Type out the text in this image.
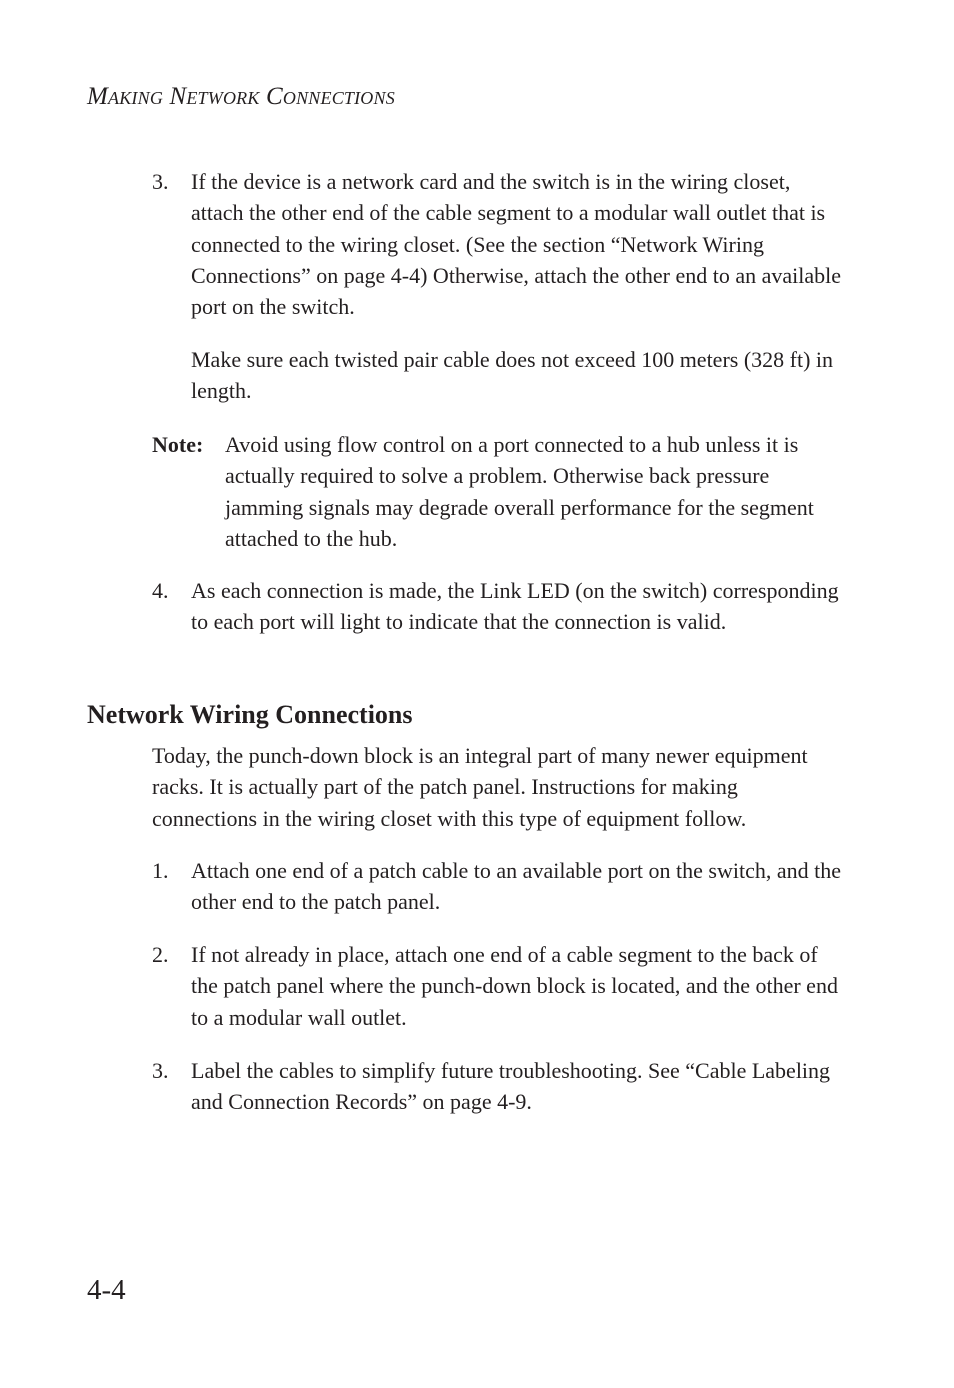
MAKING NETWORK CONNECTIONS
3.	If the device is a network card and the switch is in the wiring closet, attach the other end of the cable segment to a modular wall outlet that is connected to the wiring closet. (See the section “Network Wiring Connections” on page 4-4) Otherwise, attach the other end to an available port on the switch.
Make sure each twisted pair cable does not exceed 100 meters (328 ft) in length.
Note: Avoid using flow control on a port connected to a hub unless it is actually required to solve a problem. Otherwise back pressure jamming signals may degrade overall performance for the segment attached to the hub.
4.	As each connection is made, the Link LED (on the switch) corresponding to each port will light to indicate that the connection is valid.
Network Wiring Connections
Today, the punch-down block is an integral part of many newer equipment racks. It is actually part of the patch panel. Instructions for making connections in the wiring closet with this type of equipment follow.
1.	Attach one end of a patch cable to an available port on the switch, and the other end to the patch panel.
2.	If not already in place, attach one end of a cable segment to the back of the patch panel where the punch-down block is located, and the other end to a modular wall outlet.
3.	Label the cables to simplify future troubleshooting. See “Cable Labeling and Connection Records” on page 4-9.
4-4
